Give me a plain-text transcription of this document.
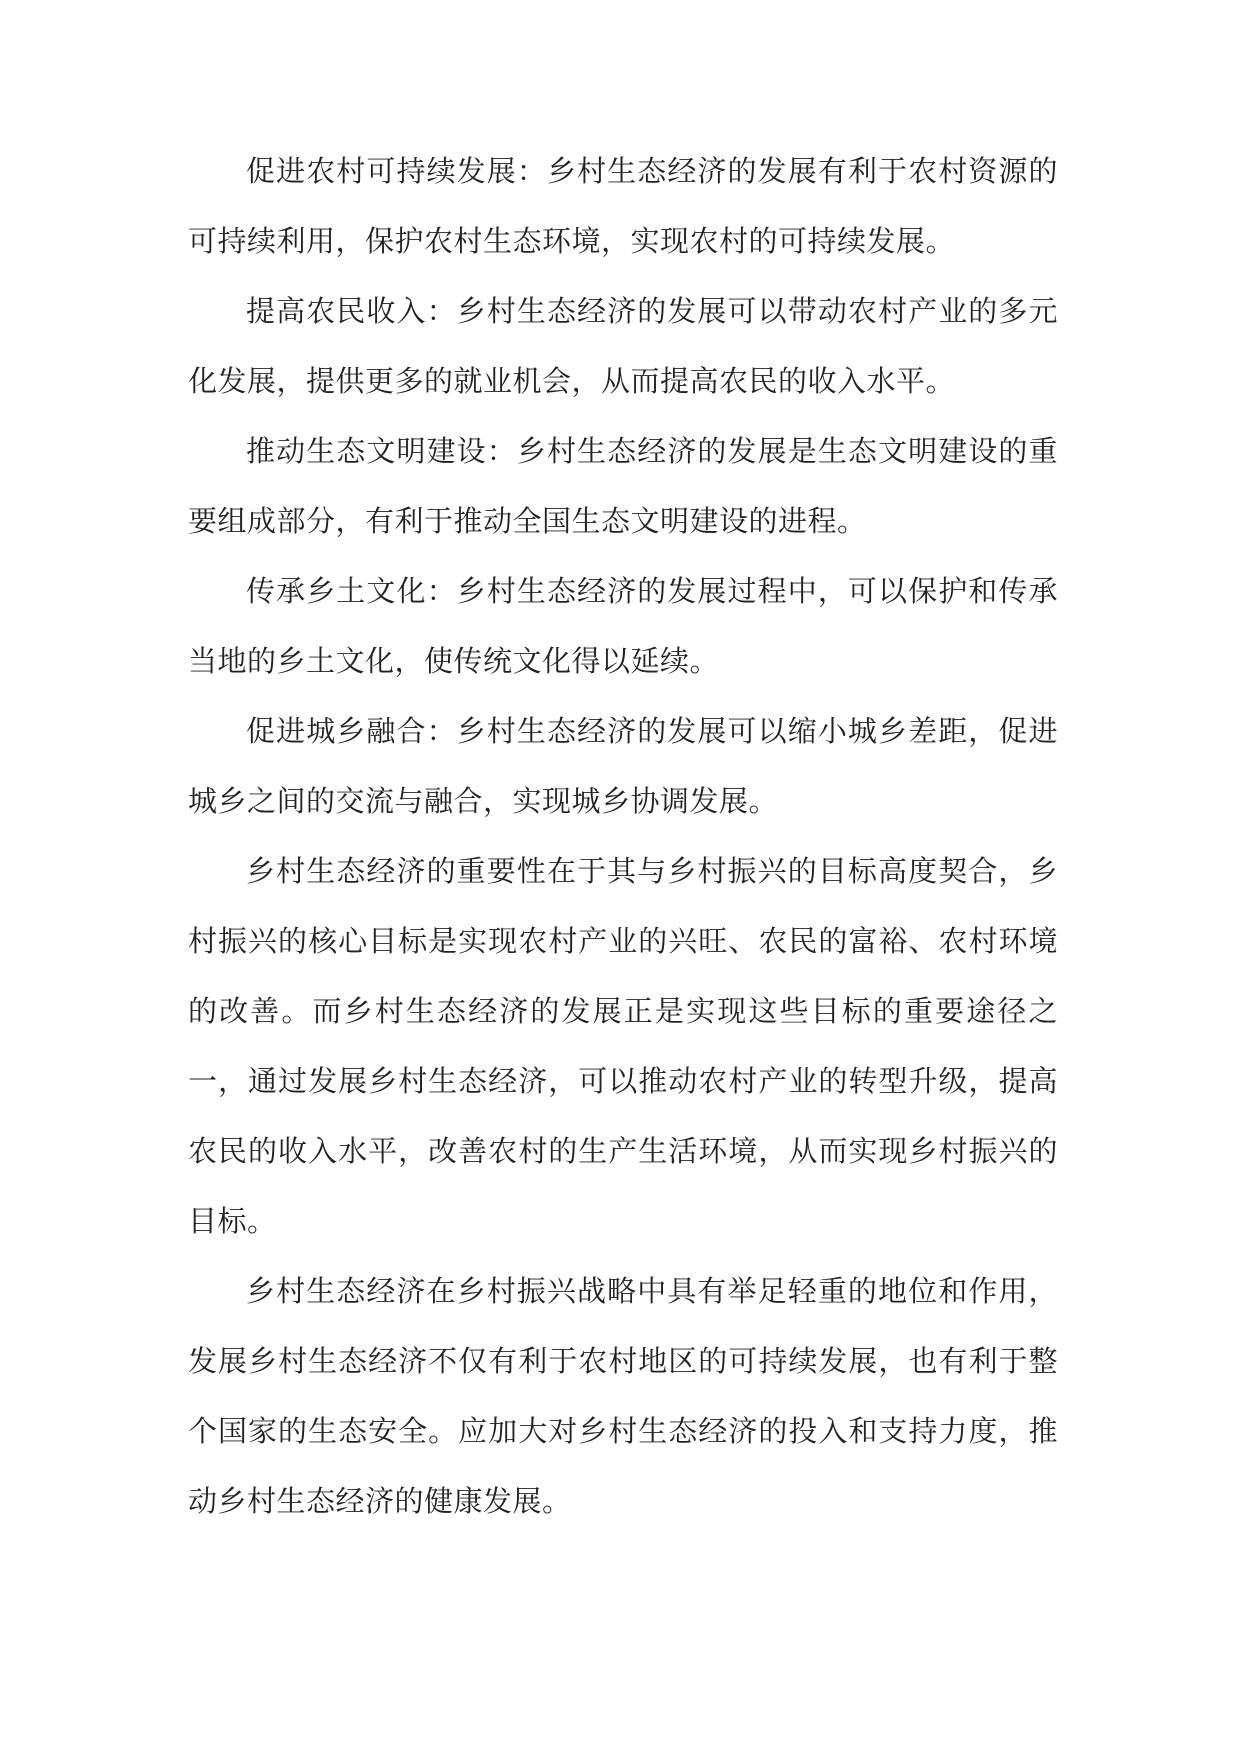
促进农村可持续发展：乡村生态经济的发展有利于农村资源的可持续利用，保护农村生态环境，实现农村的可持续发展。

提高农民收入：乡村生态经济的发展可以带动农村产业的多元化发展，提供更多的就业机会，从而提高农民的收入水平。

推动生态文明建设：乡村生态经济的发展是生态文明建设的重要组成部分，有利于推动全国生态文明建设的进程。

传承乡土文化：乡村生态经济的发展过程中，可以保护和传承当地的乡土文化，使传统文化得以延续。

促进城乡融合：乡村生态经济的发展可以缩小城乡差距，促进城乡之间的交流与融合，实现城乡协调发展。

乡村生态经济的重要性在于其与乡村振兴的目标高度契合，乡村振兴的核心目标是实现农村产业的兴旺、农民的富裕、农村环境的改善。而乡村生态经济的发展正是实现这些目标的重要途径之一，通过发展乡村生态经济，可以推动农村产业的转型升级，提高农民的收入水平，改善农村的生产生活环境，从而实现乡村振兴的目标。

乡村生态经济在乡村振兴战略中具有举足轻重的地位和作用，发展乡村生态经济不仅有利于农村地区的可持续发展，也有利于整个国家的生态安全。应加大对乡村生态经济的投入和支持力度，推动乡村生态经济的健康发展。
